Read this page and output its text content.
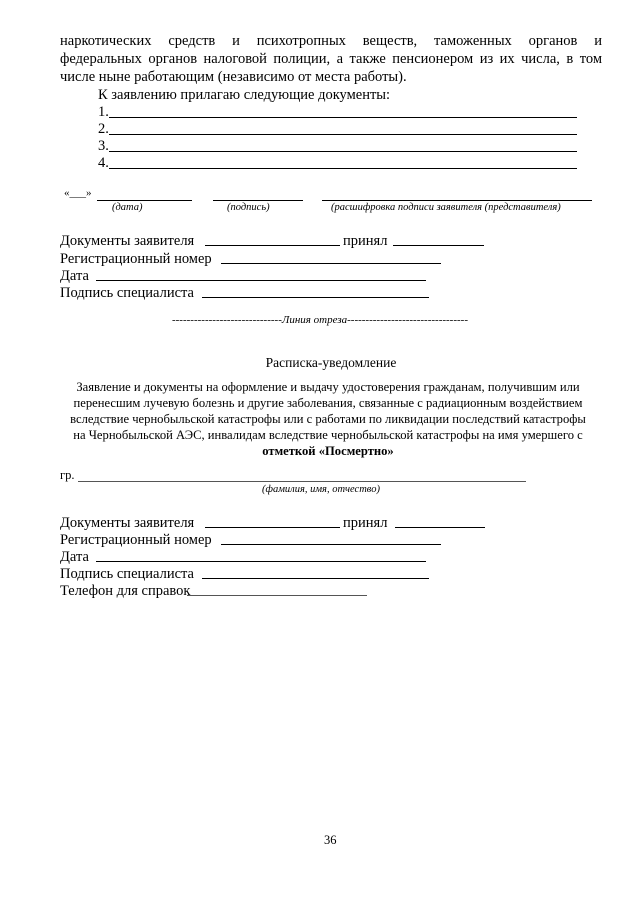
наркотических средств и психотропных веществ, таможенных органов и
федеральных органов налоговой полиции, а также пенсионером из их числа, в том
числе ныне работающим (независимо от места работы).
К заявлению прилагаю следующие документы:
1.
2.
3.
4.
«___»
(дата)	(подпись)	(расшифровка подписи заявителя (представителя)
Документы заявителя	принял
Регистрационный номер
Дата
Подпись специалиста
------------------------------Линия отреза---------------------------------
Расписка-уведомление
Заявление и документы на оформление и выдачу удостоверения гражданам, получившим или
перенесшим лучевую болезнь и другие заболевания, связанные с радиационным воздействием
вследствие чернобыльской катастрофы или с работами по ликвидации последствий катастрофы
на Чернобыльской АЭС, инвалидам вследствие чернобыльской катастрофы на имя умершего с
отметкой «Посмертно»
гр.
(фамилия, имя, отчество)
Документы заявителя	принял
Регистрационный номер
Дата
Подпись специалиста
Телефон для справок
36
